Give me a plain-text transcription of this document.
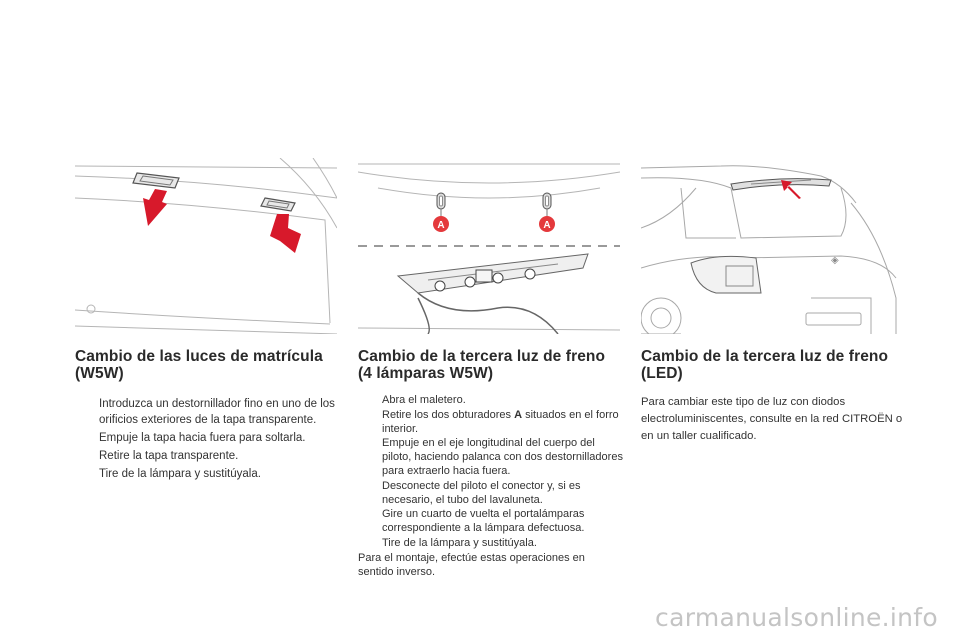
Cambio de las luces de matrícula (W5W)
Introduzca un destornillador fino en uno de los orificios exteriores de la tapa transparente.
Empuje la tapa hacia fuera para soltarla.
Retire la tapa transparente.
Tire de la lámpara y sustitúyala.
A	A
Cambio de la tercera luz de freno (4 lámparas W5W)
Abra el maletero.
Retire los dos obturadores A situados en el forro interior.
Empuje en el eje longitudinal del cuerpo del piloto, haciendo palanca con dos destornilladores para extraerlo hacia fuera.
Desconecte del piloto el conector y, si es necesario, el tubo del lavaluneta.
Gire un cuarto de vuelta el portalámparas correspondiente a la lámpara defectuosa.
Tire de la lámpara y sustitúyala.

Para el montaje, efectúe estas operaciones en sentido inverso.

◈
Cambio de la tercera luz de freno (LED)

Para cambiar este tipo de luz con diodos electroluminiscentes, consulte en la red CITROËN o en un taller cualificado.

carmanualsonline.info
